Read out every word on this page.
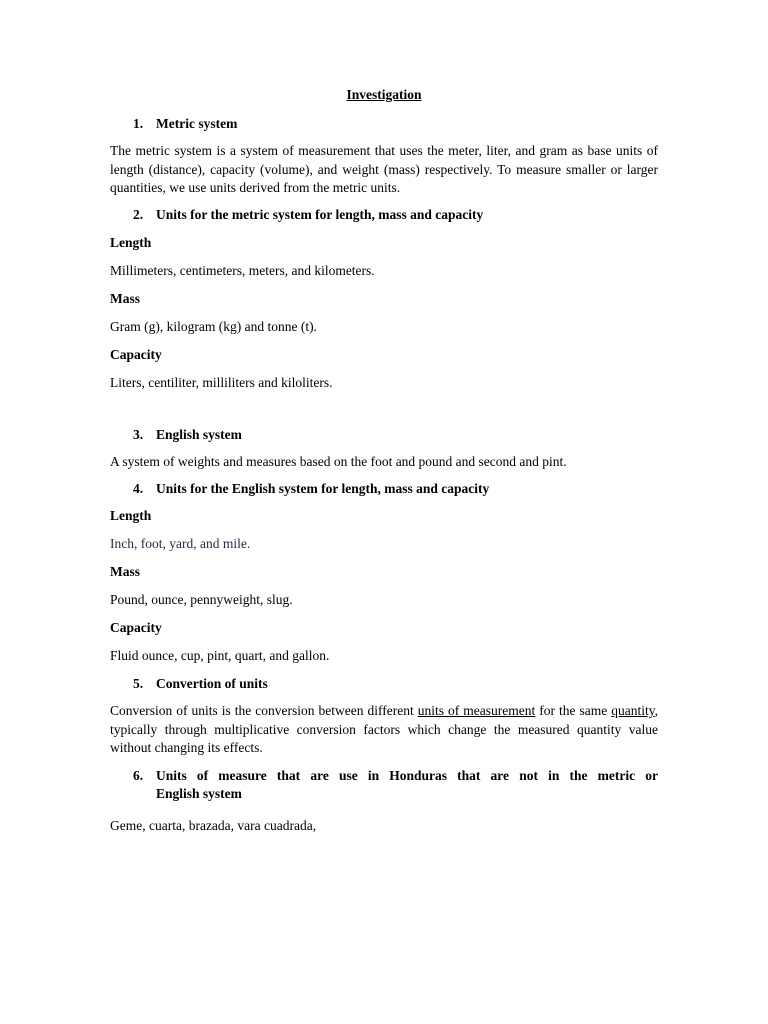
Investigation
1. Metric system
The metric system is a system of measurement that uses the meter, liter, and gram as base units of length (distance), capacity (volume), and weight (mass) respectively. To measure smaller or larger quantities, we use units derived from the metric units.
2. Units for the metric system for length, mass and capacity
Length
Millimeters, centimeters, meters, and kilometers.
Mass
Gram (g), kilogram (kg) and tonne (t).
Capacity
Liters, centiliter, milliliters and kiloliters.
3. English system
A system of weights and measures based on the foot and pound and second and pint.
4. Units for the English system for length, mass and capacity
Length
Inch, foot, yard, and mile.
Mass
Pound, ounce, pennyweight, slug.
Capacity
Fluid ounce, cup, pint, quart, and gallon.
5. Convertion of units
Conversion of units is the conversion between different units of measurement for the same quantity, typically through multiplicative conversion factors which change the measured quantity value without changing its effects.
6. Units of measure that are use in Honduras that are not in the metric or
English system
Geme, cuarta, brazada, vara cuadrada,
